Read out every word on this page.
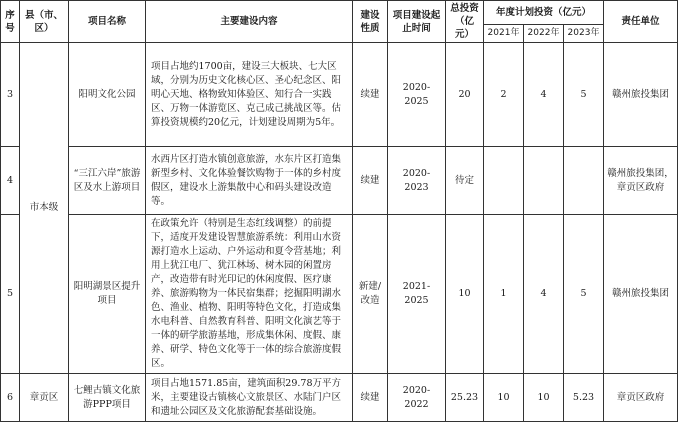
序号	县（市、区）	项目名称	主要建设内容	建设性质	项目建设起止时间	总投资（亿元）	年度计划投资（亿元）			责任单位
							2021年	2022年	2023年	
3	市本级	阳明文化公园	项目占地约1700亩，建设三大板块、七大区域，分别为历史文化核心区、圣心纪念区、阳明心天地、格物致知体验区、知行合一实践区、万物一体游览区、克己成己挑战区等。估算投资规模约20亿元，计划建设周期为5年。	续建	2020-2025	20	2	4	5	赣州旅投集团
4		“三江六岸”旅游区及水上游项目	水西片区打造水镇创意旅游，水东片区打造集新型乡村、文化体验餐饮购物于一体的乡村度假区，建设水上游集散中心和码头建设改造等。	续建	2020-2023	待定				赣州旅投集团，章贡区政府
5		阳明湖景区提升项目	在政策允许（特别是生态红线调整）的前提下，适度开发建设智慧旅游系统：利用山水资源打造水上运动、户外运动和夏令营基地；利用上犹江电厂、犹江林场、树木园的闲置房产，改造带有时光印记的休闲度假、医疗康养、旅游购物为一体民宿集群；挖掘阳明湖水色、渔业、植物、阳明等特色文化，打造成集水电科普、自然教育科普、阳明文化演艺等于一体的研学旅游基地，形成集休闲、度假、康养、研学、特色文化等于一体的综合旅游度假区。	新建/改造	2021-2025	10	1	4	5	赣州旅投集团
6	章贡区	七鲤古镇文化旅游PPP项目	项目占地1571.85亩，建筑面积29.78万平方米，主要建设古镇核心文旅景区、水陆门户区和遗址公园区及文化旅游配套基础设施。	续建	2020-2022	25.23	10	10	5.23	章贡区政府
